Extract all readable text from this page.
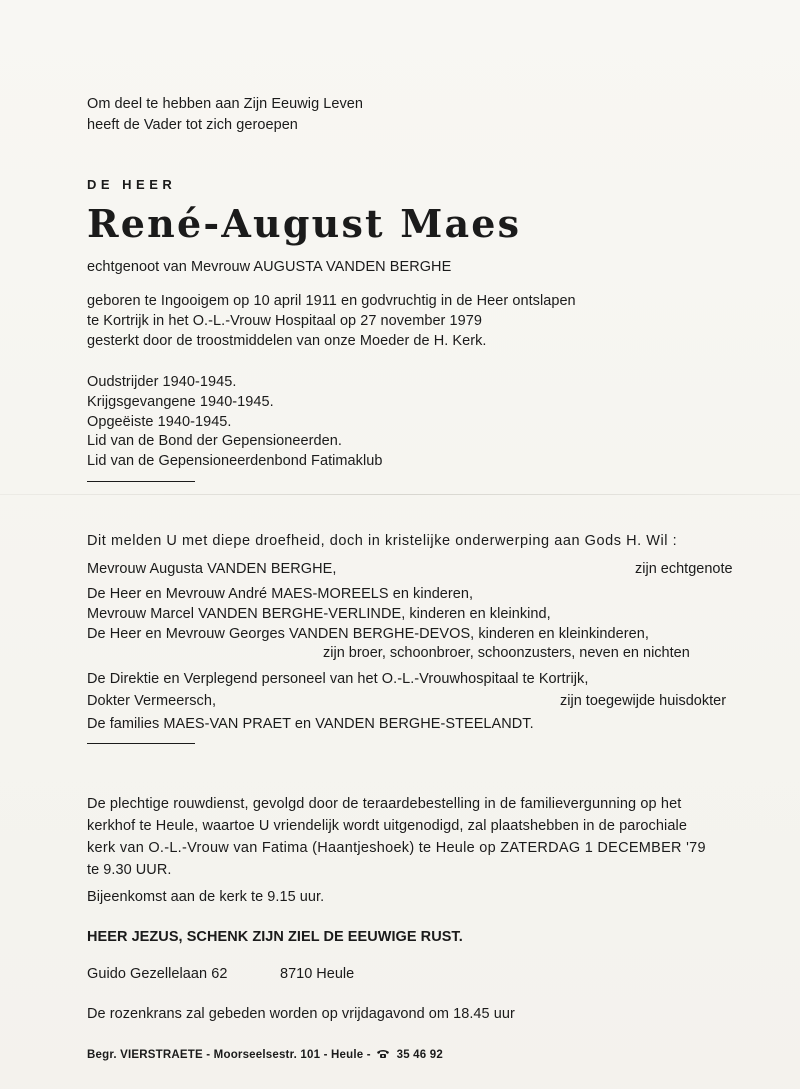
Om deel te hebben aan Zijn Eeuwig Leven
heeft de Vader tot zich geroepen
DE HEER
René-August Maes
echtgenoot van Mevrouw AUGUSTA VANDEN BERGHE
geboren te Ingooigem op 10 april 1911 en godvruchtig in de Heer ontslapen
te Kortrijk in het O.-L.-Vrouw Hospitaal op 27 november 1979
gesterkt door de troostmiddelen van onze Moeder de H. Kerk.
Oudstrijder 1940-1945.
Krijgsgevangene 1940-1945.
Opgeëiste 1940-1945.
Lid van de Bond der Gepensioneerden.
Lid van de Gepensioneerdenbond Fatimaklub
Dit melden U met diepe droefheid, doch in kristelijke onderwerping aan Gods H. Wil :
Mevrouw Augusta VANDEN BERGHE,	zijn echtgenote
De Heer en Mevrouw André MAES-MOREELS en kinderen,
Mevrouw Marcel VANDEN BERGHE-VERLINDE, kinderen en kleinkind,
De Heer en Mevrouw Georges VANDEN BERGHE-DEVOS, kinderen en kleinkinderen,
zijn broer, schoonbroer, schoonzusters, neven en nichten
De Direktie en Verplegend personeel van het O.-L.-Vrouwhospitaal te Kortrijk,
Dokter Vermeersch,	zijn toegewijde huisdokter
De families MAES-VAN PRAET en VANDEN BERGHE-STEELANDT.
De plechtige rouwdienst, gevolgd door de teraardebestelling in de familievergunning op het
kerkhof te Heule, waartoe U vriendelijk wordt uitgenodigd, zal plaatshebben in de parochiale
kerk van O.-L.-Vrouw van Fatima (Haantjeshoek) te Heule op ZATERDAG 1 DECEMBER '79
te 9.30 UUR.
Bijeenkomst aan de kerk te 9.15 uur.
HEER JEZUS, SCHENK ZIJN ZIEL DE EEUWIGE RUST.
Guido Gezellelaan 62	8710 Heule
De rozenkrans zal gebeden worden op vrijdagavond om 18.45 uur
Begr. VIERSTRAETE - Moorseelsestr. 101 - Heule - 35 46 92
